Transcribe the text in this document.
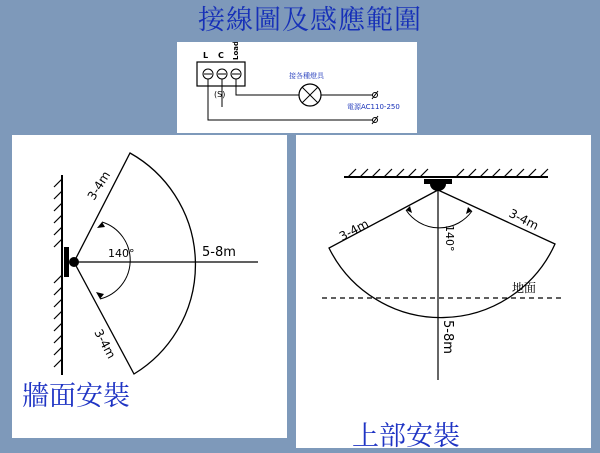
接線圖及感應範圍
L C Load
(S)
接各種燈具
電源AC110-250
140°
3-4m
3-4m
5-8m
140°
3-4m	3-4m
5-8m
地面
牆面安裝
上部安裝
